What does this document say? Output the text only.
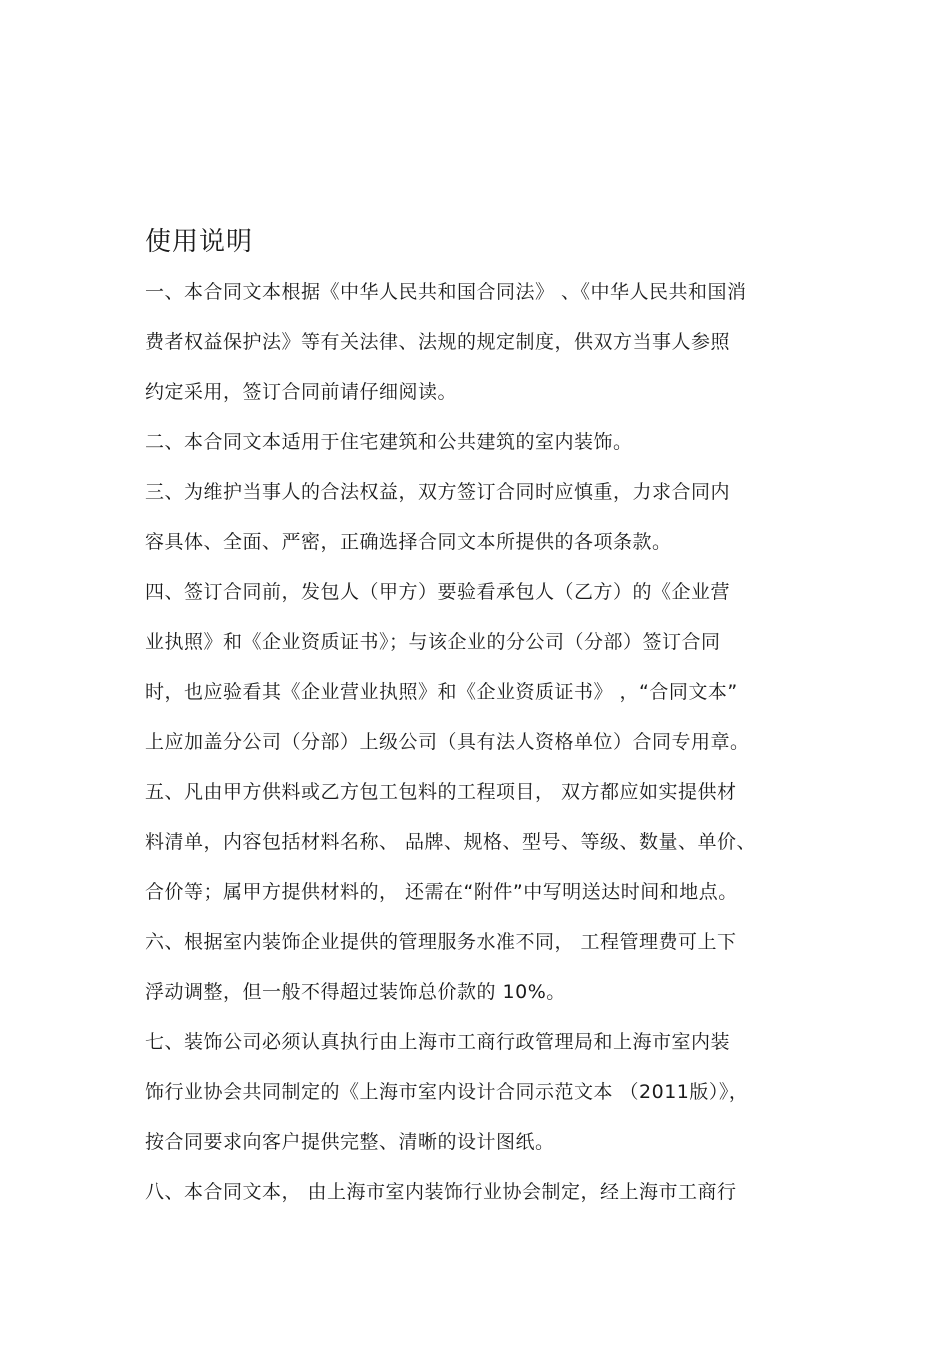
使用说明
一、本合同文本根据《中华人民共和国合同法》 、《中华人民共和国消
费者权益保护法》等有关法律、法规的规定制度，供双方当事人参照
约定采用，签订合同前请仔细阅读。
二、本合同文本适用于住宅建筑和公共建筑的室内装饰。
三、为维护当事人的合法权益，双方签订合同时应慎重，力求合同内
容具体、全面、严密，正确选择合同文本所提供的各项条款。
四、签订合同前，发包人（甲方）要验看承包人（乙方）的《企业营
业执照》和《企业资质证书》；与该企业的分公司（分部）签订合同
时，也应验看其《企业营业执照》和《企业资质证书》 ，“合同文本”
上应加盖分公司（分部）上级公司（具有法人资格单位）合同专用章。
五、凡由甲方供料或乙方包工包料的工程项目， 双方都应如实提供材
料清单，内容包括材料名称、 品牌、规格、型号、等级、数量、单价、
合价等；属甲方提供材料的， 还需在“附件”中写明送达时间和地点。
六、根据室内装饰企业提供的管理服务水准不同， 工程管理费可上下
浮动调整，但一般不得超过装饰总价款的 10%。
七、装饰公司必须认真执行由上海市工商行政管理局和上海市室内装
饰行业协会共同制定的《上海市室内设计合同示范文本 （2011版）》，
按合同要求向客户提供完整、清晰的设计图纸。
八、本合同文本， 由上海市室内装饰行业协会制定，经上海市工商行
